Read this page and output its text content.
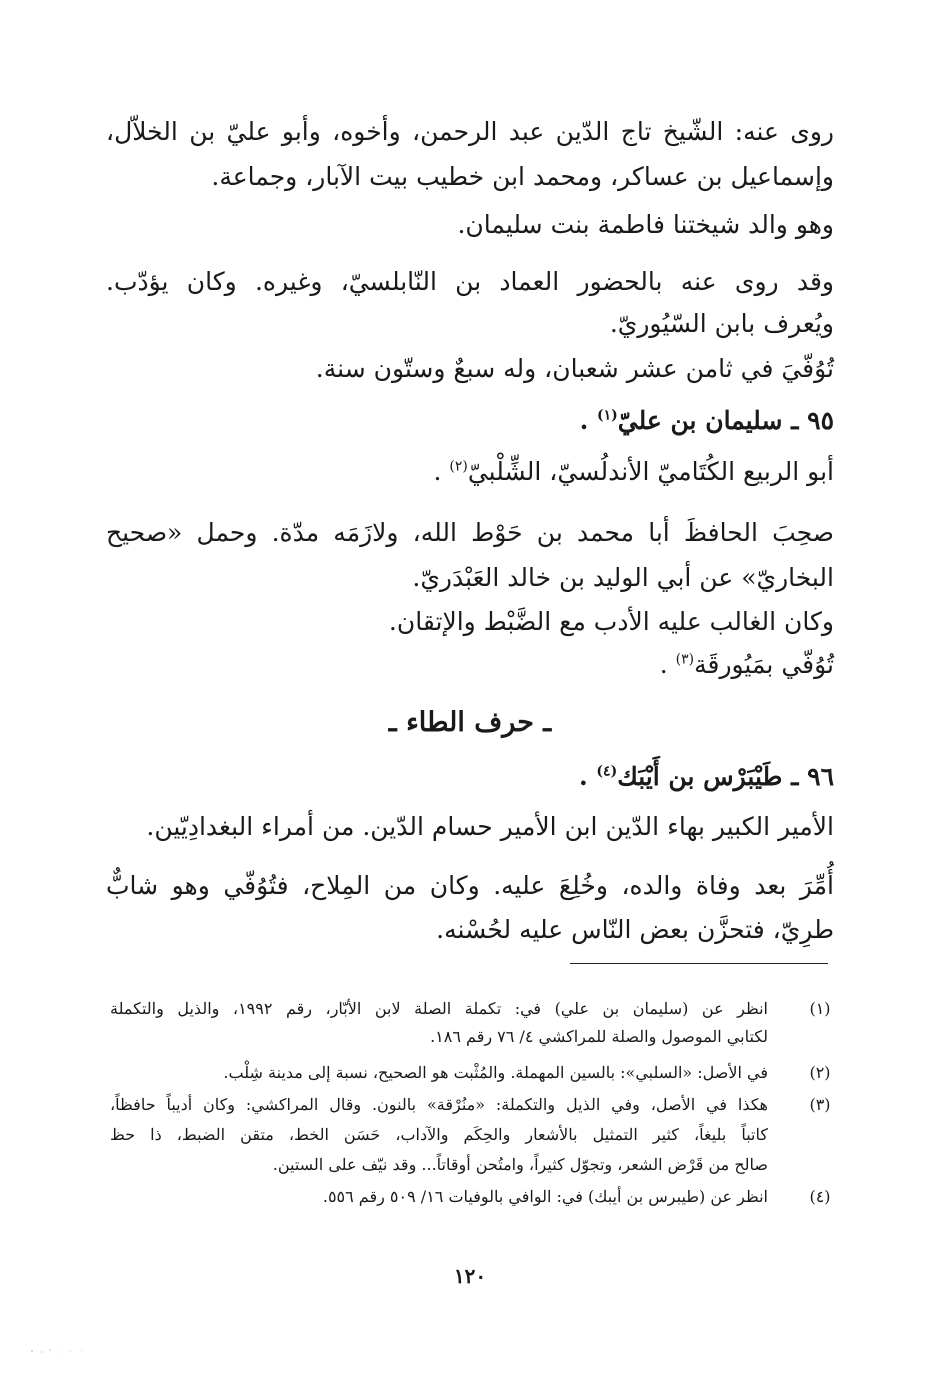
روى عنه: الشّيخ تاج الدّين عبد الرحمن، وأخوه، وأبو عليّ بن الخلاّل،
وإسماعيل بن عساكر، ومحمد ابن خطيب بيت الآبار، وجماعة.
وهو والد شيختنا فاطمة بنت سليمان.
وقد روى عنه بالحضور العماد بن النّابلسيّ، وغيره. وكان يؤدّب.
ويُعرف بابن السّيُوريّ.
تُوُفّيَ في ثامن عشر شعبان، وله سبعٌ وستّون سنة.
٩٥ ـ سليمان بن عليّ$^{(١)}$ .
أبو الربيع الكُتَاميّ الأندلُسيّ، الشِّلْبيّ$^{(٢)}$ .
صحِبَ الحافظَ أبا محمد بن حَوْط الله، ولازَمَه مدّة. وحمل «صحيح
البخاريّ» عن أبي الوليد بن خالد العَبْدَريّ.
وكان الغالب عليه الأدب مع الضَّبْط والإتقان.
تُوُفّي بمَيُورقَة$^{(٣)}$ .
ـ حرف الطاء ـ
٩٦ ـ طَيْبَرْس بن أَيْبَك$^{(٤)}$ .
الأمير الكبير بهاء الدّين ابن الأمير حسام الدّين. من أمراء البغدادِيّين.
أُمِّرَ بعد وفاة والده، وخُلِعَ عليه. وكان من المِلاح، فتُوُفّي وهو شابٌّ
طرِيّ، فتحزَّن بعض النّاس عليه لحُسْنه.
(١)
انظر عن (سليمان بن علي) في: تكملة الصلة لابن الأبّار، رقم ١٩٩٢، والذيل والتكملة
لكتابي الموصول والصلة للمراكشي ٤/ ٧٦ رقم ١٨٦.
(٢)
في الأصل: «السلبي»: بالسين المهملة. والمُثْبت هو الصحيح، نسبة إلى مدينة شِلْب.
(٣)
هكذا في الأصل، وفي الذيل والتكملة: «منُرْقة» بالنون. وقال المراكشي: وكان أديباً حافظاً،
كاتباً بليغاً، كثير التمثيل بالأشعار والحِكَم والآداب، حَسَن الخط، متقن الضبط، ذا حظ
صالح من قَرْض الشعر، وتجوّل كثيراً، وامتُحن أوقاتاً... وقد نيّف على الستين.
(٤)
انظر عن (طيبرس بن أيبك) في: الوافي بالوفيات ١٦/ ٥٠٩ رقم ٥٥٦.
١٢٠
